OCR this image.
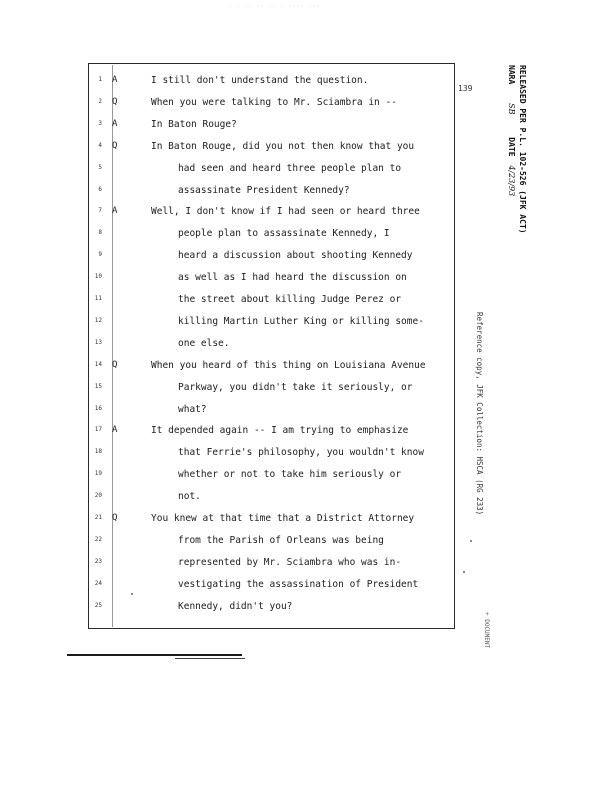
· · ·· ·· ·· · ···· ···
1 A	I still don't understand the question.
2 Q	When you were talking to Mr. Sciambra in --
3 A	In Baton Rouge?
4 Q	In Baton Rouge, did you not then know that you
5	had seen and heard three people plan to
6	assassinate President Kennedy?
7 A	Well, I don't know if I had seen or heard three
8	people plan to assassinate Kennedy, I
9	heard a discussion about shooting Kennedy
10	as well as I had heard the discussion on
11	the street about killing Judge Perez or
12	killing Martin Luther King or killing some-
13	one else.
14 Q	When you heard of this thing on Louisiana Avenue
15	Parkway, you didn't take it seriously, or
16	what?
17 A	It depended again -- I am trying to emphasize
18	that Ferrie's philosophy, you wouldn't know
19	whether or not to take him seriously or
20	not.
21 Q	You knew at that time that a District Attorney
22	from the Parish of Orleans was being
23	represented by Mr. Sciambra who was in-
24	vestigating the assassination of President
25	Kennedy, didn't you?
139	RELEASED PER P.L. 102-526 (JFK ACT)
NARA SB DATE 4/23/93
Reference copy, JFK Collection: HSCA (RG 233)
+ DOCUMENT
